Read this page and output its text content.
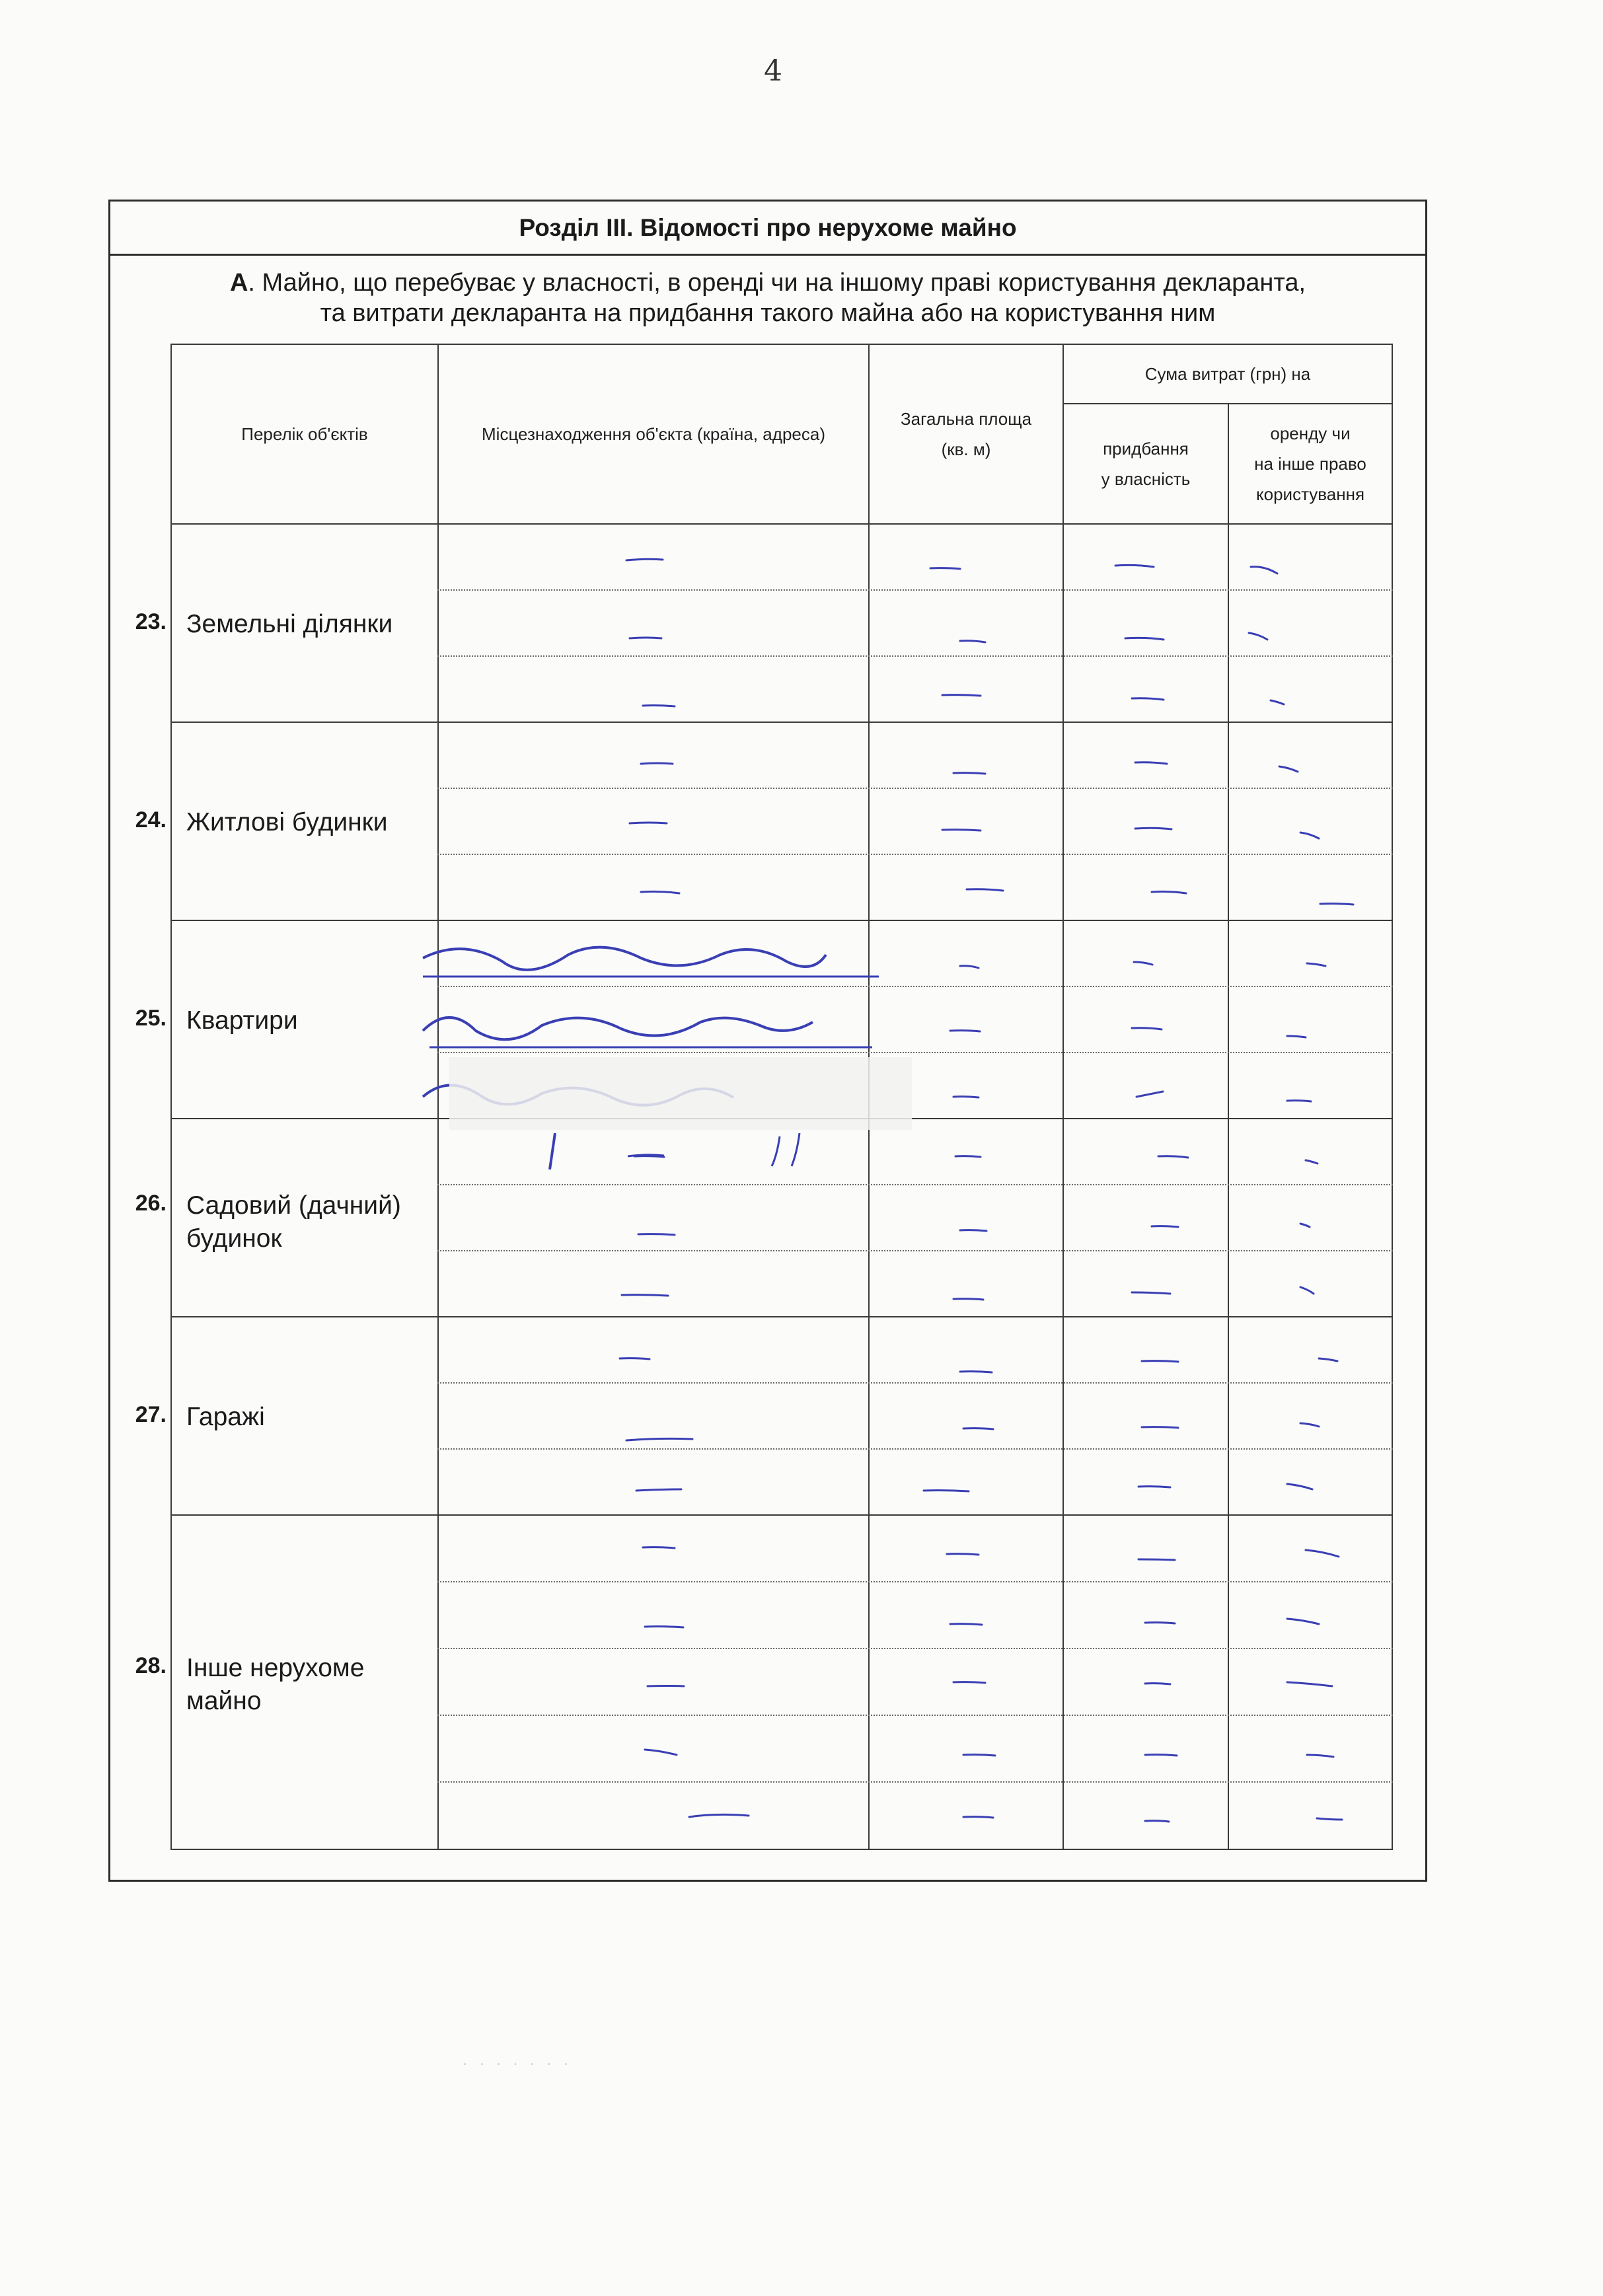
4
Розділ III. Відомості про нерухоме майно
А. Майно, що перебуває у власності, в оренді чи на іншому праві користування декларанта,
та витрати декларанта на придбання такого майна або на користування ним
Перелік об'єктів	Місцезнаходження об'єкта (країна, адреса)
Загальна площа
(кв. м)
Сума витрат (грн) на
придбання
у власність
оренду чи
на інше право
користування
23. Земельні ділянки
24. Житлові будинки
25. Квартири
26. Садовий (дачний) будинок
27. Гаражі
28. Інше нерухоме майно
· · · · · · ·
